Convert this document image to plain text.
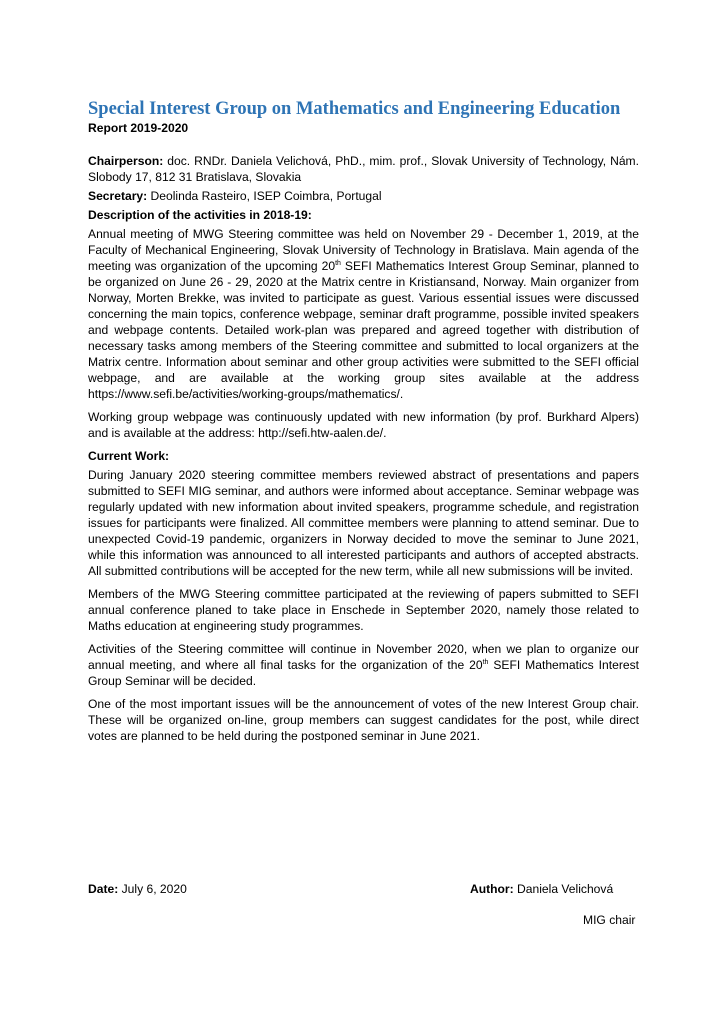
Special Interest Group on Mathematics and Engineering Education

Report 2019-2020

Chairperson: doc. RNDr. Daniela Velichová, PhD., mim. prof., Slovak University of Technology, Nám. Slobody 17, 812 31 Bratislava, Slovakia

Secretary: Deolinda Rasteiro, ISEP Coimbra, Portugal

Description of the activities in 2018-19:

Annual meeting of MWG Steering committee was held on November 29 - December 1, 2019, at the Faculty of Mechanical Engineering, Slovak University of Technology in Bratislava. Main agenda of the meeting was organization of the upcoming 20th SEFI Mathematics Interest Group Seminar, planned to be organized on June 26 - 29, 2020 at the Matrix centre in Kristiansand, Norway. Main organizer from Norway, Morten Brekke, was invited to participate as guest. Various essential issues were discussed concerning the main topics, conference webpage, seminar draft programme, possible invited speakers and webpage contents. Detailed work-plan was prepared and agreed together with distribution of necessary tasks among members of the Steering committee and submitted to local organizers at the Matrix centre. Information about seminar and other group activities were submitted to the SEFI official webpage, and are available at the working group sites available at the address https://www.sefi.be/activities/working-groups/mathematics/.

Working group webpage was continuously updated with new information (by prof. Burkhard Alpers) and is available at the address: http://sefi.htw-aalen.de/.

Current Work:

During January 2020 steering committee members reviewed abstract of presentations and papers submitted to SEFI MIG seminar, and authors were informed about acceptance. Seminar webpage was regularly updated with new information about invited speakers, programme schedule, and registration issues for participants were finalized. All committee members were planning to attend seminar. Due to unexpected Covid-19 pandemic, organizers in Norway decided to move the seminar to June 2021, while this information was announced to all interested participants and authors of accepted abstracts. All submitted contributions will be accepted for the new term, while all new submissions will be invited.

Members of the MWG Steering committee participated at the reviewing of papers submitted to SEFI annual conference planed to take place in Enschede in September 2020, namely those related to Maths education at engineering study programmes.

Activities of the Steering committee will continue in November 2020, when we plan to organize our annual meeting, and where all final tasks for the organization of the 20th SEFI Mathematics Interest Group Seminar will be decided.

One of the most important issues will be the announcement of votes of the new Interest Group chair. These will be organized on-line, group members can suggest candidates for the post, while direct votes are planned to be held during the postponed seminar in June 2021.

Date: July 6, 2020	Author: Daniela Velichová
MIG chair
